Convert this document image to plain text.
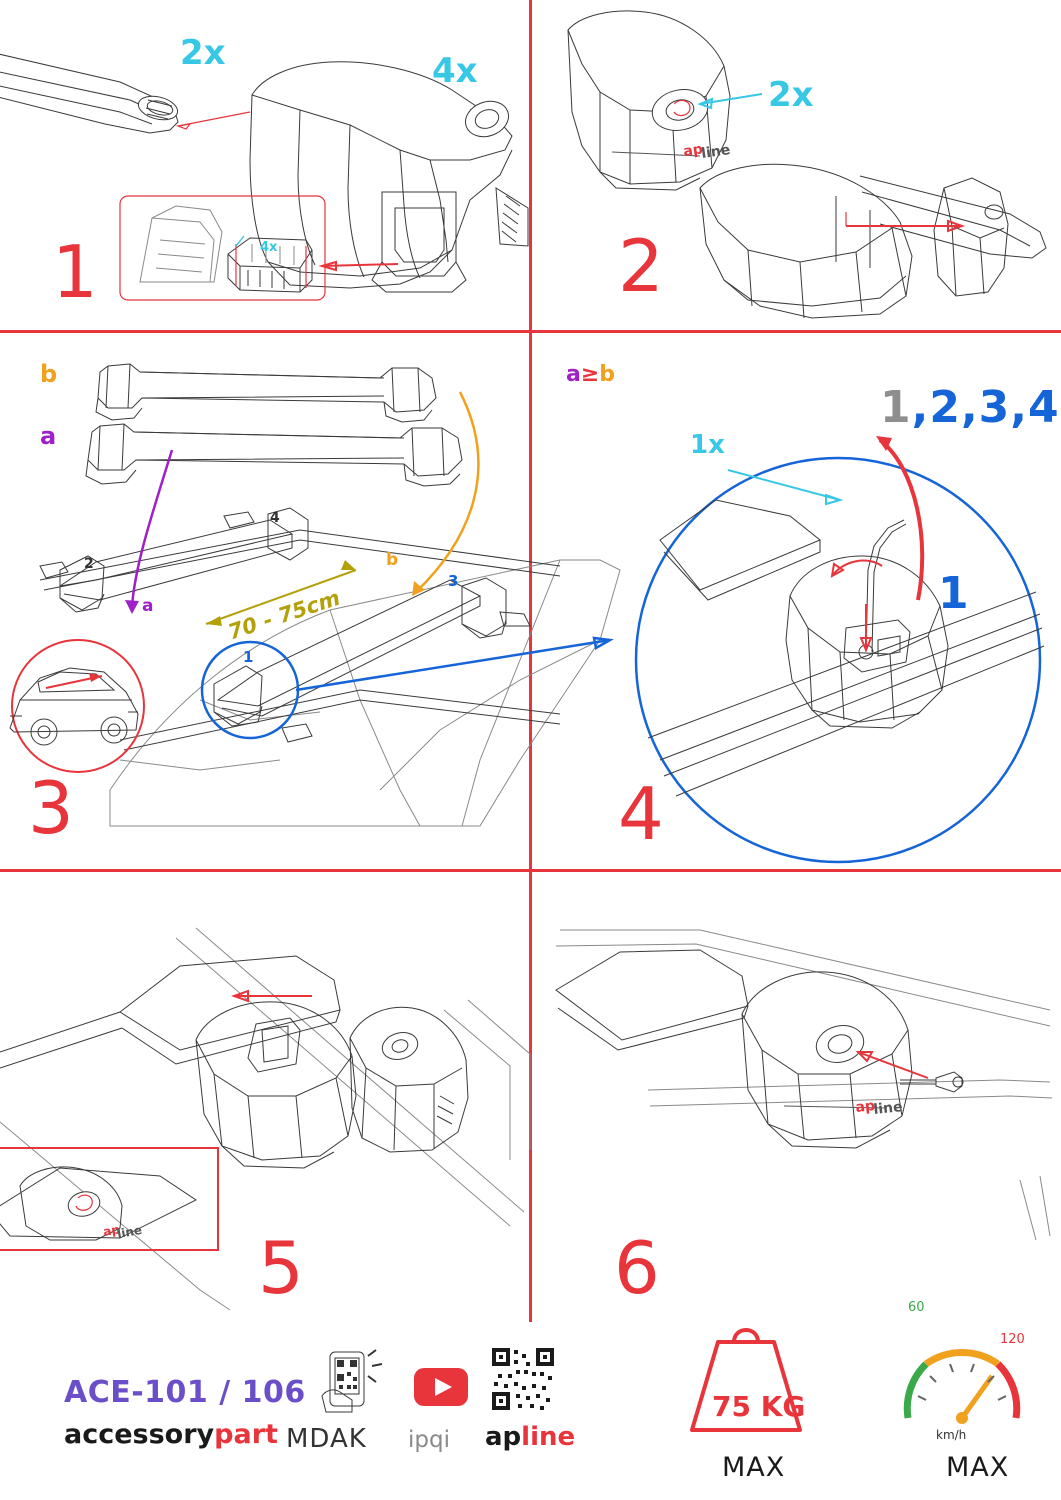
ap
line
ap
line
ap
line
2x	4x
4x
1
2x
2
b
a
a
b
70 - 75cm
1
2
3
4
3
a≥b
1x
1,2,3,4
1
4
5	6
ACE-101 / 106
accessorypart MDAK ipqi apline
75 KG
MAX	MAX
km/h
60
120
